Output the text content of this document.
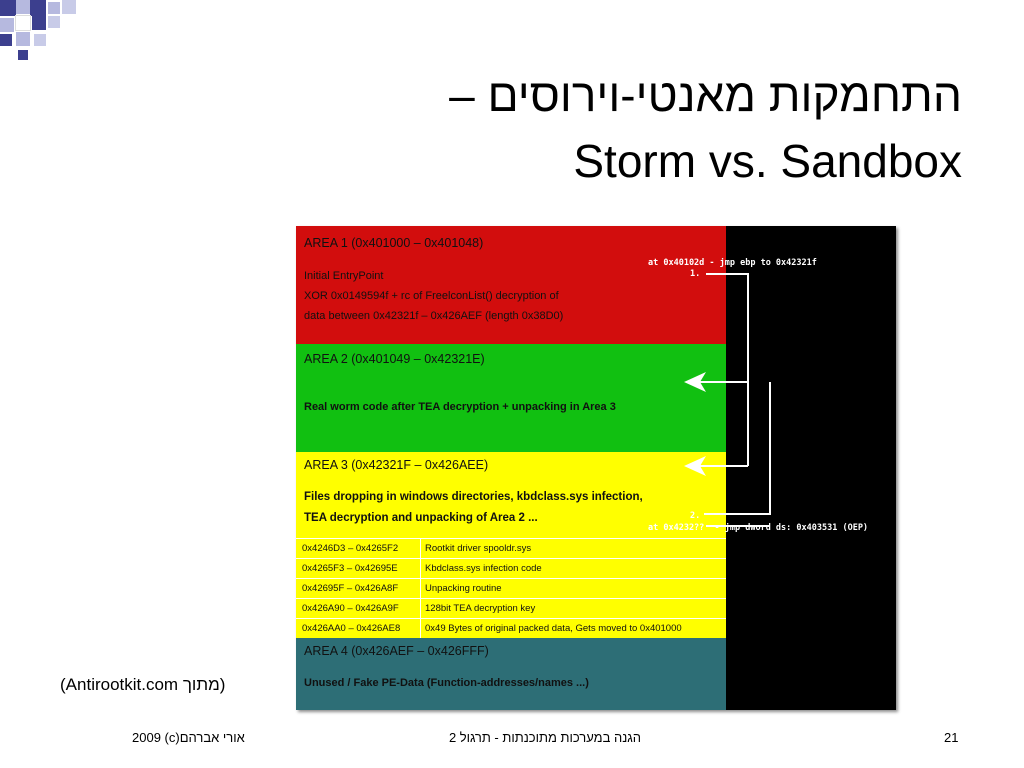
התחמקות מאנטי-וירוסים –
Storm vs. Sandbox
AREA 1 (0x401000 – 0x401048)
Initial EntryPoint
XOR 0x0149594f + rc of FreelconList() decryption of
data between 0x42321f – 0x426AEF (length 0x38D0)
AREA 2 (0x401049 – 0x42321E)
Real worm code after TEA decryption + unpacking in Area 3
AREA 3 (0x42321F – 0x426AEE)
Files dropping in windows directories, kbdclass.sys infection,
TEA decryption and unpacking of Area 2 ...
0x4246D3 – 0x4265F2	Rootkit driver spooldr.sys
0x4265F3 – 0x42695E	Kbdclass.sys infection code
0x42695F – 0x426A8F	Unpacking routine
0x426A90 – 0x426A9F	128bit TEA decryption key
0x426AA0 – 0x426AE8	0x49 Bytes of original packed data, Gets moved to 0x401000
AREA 4 (0x426AEF – 0x426FFF)
Unused / Fake PE-Data (Function-addresses/names ...)
at 0x40102d - jmp ebp to 0x42321f
1.
2.
at 0x4232??  - jmp dword ds: 0x403531 (OEP)
(מתוך Antirootkit.com)
אורי אברהם(c) 2009	הגנה במערכות מתוכנתות - תרגול 2	21
